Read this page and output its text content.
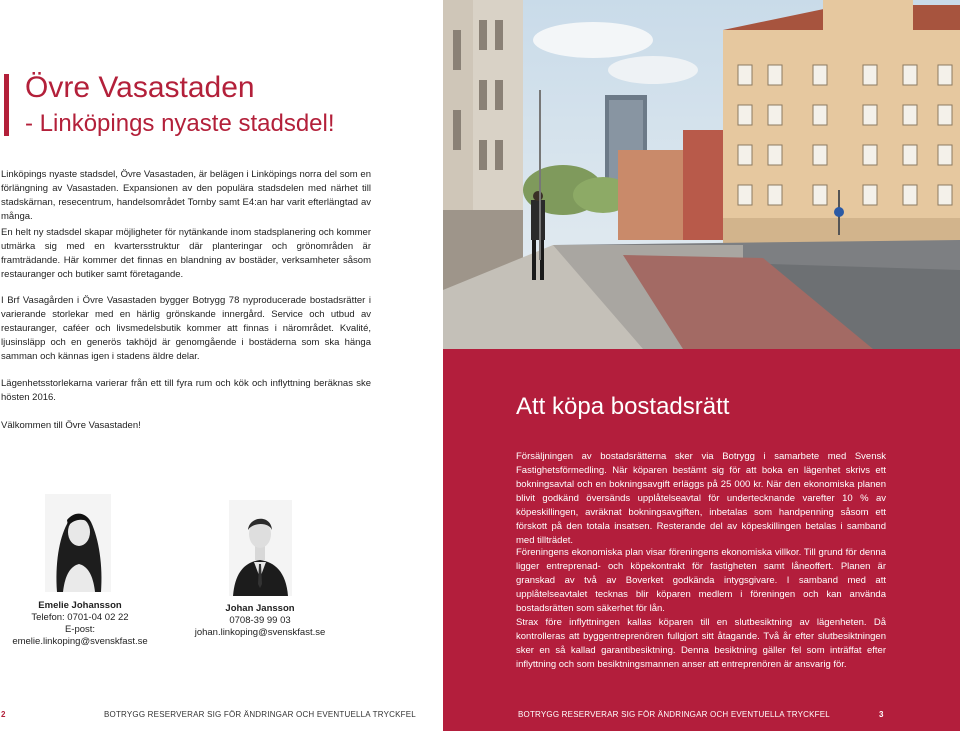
Övre Vasastaden
- Linköpings nyaste stadsdel!

Linköpings nyaste stadsdel, Övre Vasastaden, är belägen i Linköpings norra del som en förlängning av Vasastaden. Expansionen av den populära stadsdelen med närhet till stadskärnan, resecentrum, handelsområdet Tornby samt E4:an har varit efterlängtad av många.

En helt ny stadsdel skapar möjligheter för nytänkande inom stadsplanering och kommer utmärka sig med en kvartersstruktur där planteringar och grönområden är framträdande. Här kommer det finnas en blandning av bostäder, verksamheter såsom restauranger och butiker samt företagande.

I Brf Vasagården i Övre Vasastaden bygger Botrygg 78 nyproducerade bostadsrätter i varierande storlekar med en härlig grönskande innergård. Service och utbud av restauranger, caféer och livsmedelsbutik kommer att finnas i närområdet. Kvalité, ljusinsläpp och en generös takhöjd är genomgående i bostäderna som ska hänga samman och kännas igen i stadens äldre delar.

Lägenhetsstorlekarna varierar från ett till fyra rum och kök och inflyttning beräknas ske hösten 2016.

Välkommen till Övre Vasastaden!

Emelie Johansson
Telefon: 0701-04 02 22
E-post: emelie.linkoping@svenskfast.se
Johan Jansson
0708-39 99 03
johan.linkoping@svenskfast.se
2	BOTRYGG RESERVERAR SIG FÖR ÄNDRINGAR OCH EVENTUELLA TRYCKFEL
Att köpa bostadsrätt

Försäljningen av bostadsrätterna sker via Botrygg i samarbete med Svensk Fastighetsförmedling. När köparen bestämt sig för att boka en lägenhet skrivs ett bokningsavtal och en bokningsavgift erläggs på 25 000 kr. När den ekonomiska planen blivit godkänd översänds upplåtelseavtal för undertecknande varefter 10 % av köpeskillingen, avräknat bokningsavgiften, inbetalas som handpenning såsom ett förskott på den totala insatsen. Resterande del av köpeskillingen betalas i samband med tillträdet.

Föreningens ekonomiska plan visar föreningens ekonomiska villkor. Till grund för denna ligger entreprenad- och köpekontrakt för fastigheten samt låneoffert. Planen är granskad av två av Boverket godkända intygsgivare. I samband med att upplåtelseavtalet tecknas blir köparen medlem i föreningen och kan använda bostadsrätten som säkerhet för lån.

Strax före inflyttningen kallas köparen till en slutbesiktning av lägenheten. Då kontrolleras att byggentreprenören fullgjort sitt åtagande. Två år efter slutbesiktningen sker en så kallad garantibesiktning. Denna besiktning gäller fel som inträffat efter inflyttning och som besiktningsmannen anser att entreprenören är ansvarig för.

BOTRYGG RESERVERAR SIG FÖR ÄNDRINGAR OCH EVENTUELLA TRYCKFEL	3
